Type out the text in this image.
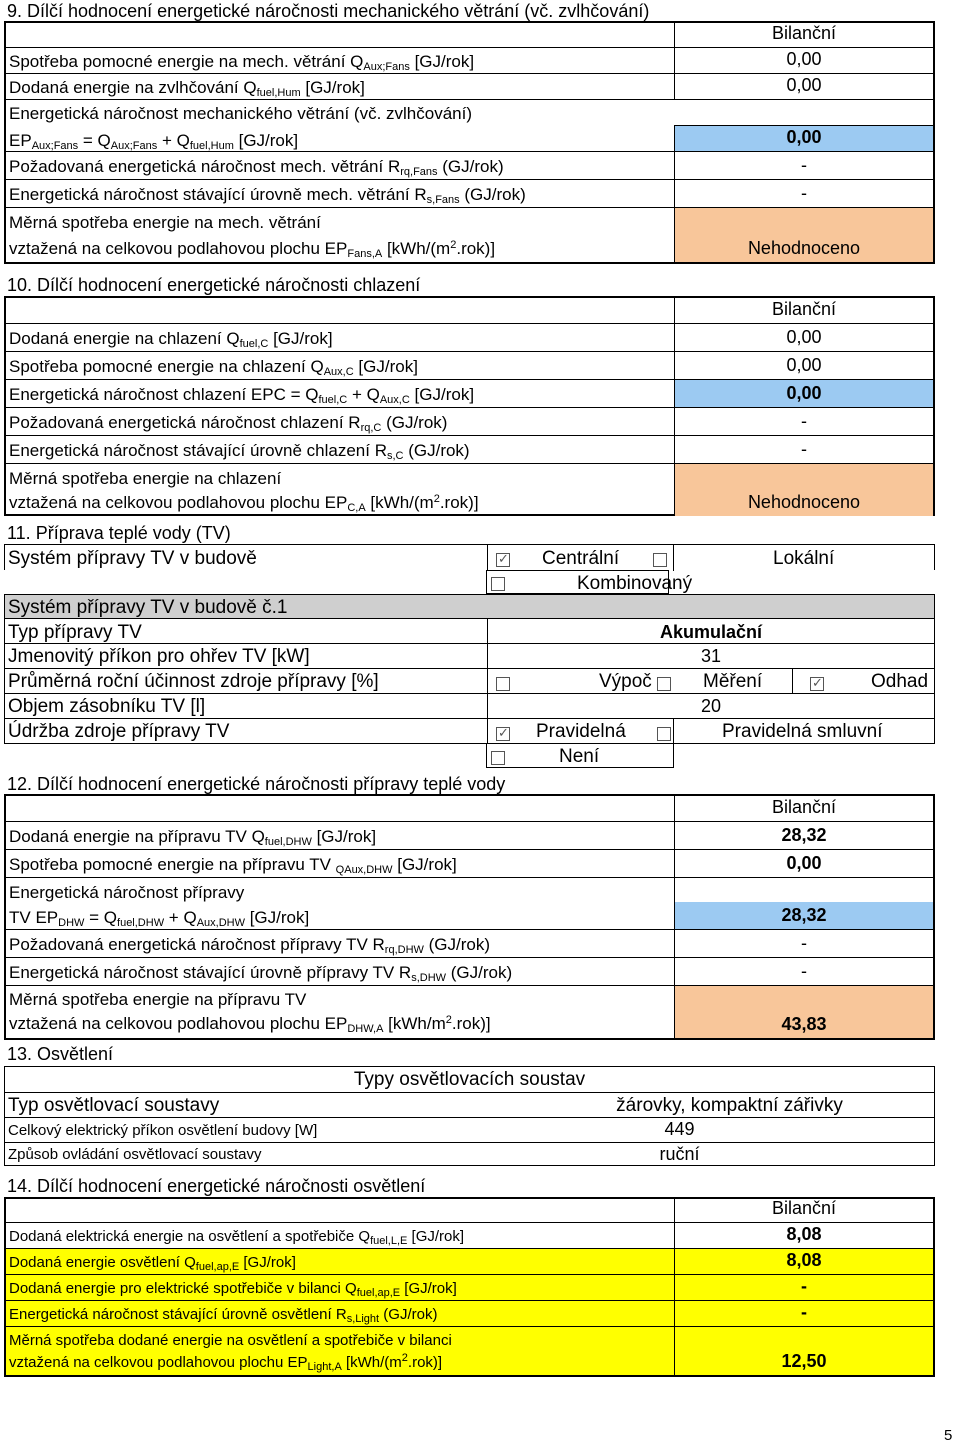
9. Dílčí hodnocení energetické náročnosti mechanického větrání (vč. zvlhčování)
Bilanční
Spotřeba pomocné energie na mech. větrání $Q_{Aux;Fans}$ [GJ/rok]	0,00
Dodaná energie na zvlhčování $Q_{fuel,Hum}$ [GJ/rok]	0,00
Energetická náročnost mechanického větrání (vč. zvlhčování)
$EP_{Aux;Fans} = Q_{Aux;Fans} + Q_{fuel,Hum}$ [GJ/rok]	0,00
Požadovaná energetická náročnost mech. větrání $R_{rq,Fans}$ (GJ/rok)	-
Energetická náročnost stávající úrovně mech. větrání $R_{s,Fans}$ (GJ/rok)	-
Měrná spotřeba energie na mech. větrání
vztažená na celkovou podlahovou plochu $EP_{Fans,A}$ $[kWh/(m^2.rok)]$	Nehodnoceno
10. Dílčí hodnocení energetické náročnosti chlazení
Bilanční
Dodaná energie na chlazení $Q_{fuel,C}$ [GJ/rok]	0,00
Spotřeba pomocné energie na chlazení $Q_{Aux,C}$ [GJ/rok]	0,00
Energetická náročnost chlazení EPC = $Q_{fuel,C} + Q_{Aux,C}$ [GJ/rok]	0,00
Požadovaná energetická náročnost chlazení $R_{rq,C}$ (GJ/rok)	-
Energetická náročnost stávající úrovně chlazení $R_{s,C}$ (GJ/rok)	-
Měrná spotřeba energie na chlazení
vztažená na celkovou podlahovou plochu $EP_{C,A}$ $[kWh/(m^2.rok)]$	Nehodnoceno
11. Příprava teplé vody (TV)
Systém přípravy TV v budově ✓	Centrální	Lokální
Kombinovaný
Systém přípravy TV v budově č.1
Typ přípravy TV	Akumulační
Jmenovitý příkon pro ohřev TV [kW]	31
Průměrná roční účinnost zdroje přípravy [%]	Výpoč	Měření ✓	Odhad
Objem zásobníku TV [l]	20
Údržba zdroje přípravy TV ✓	Pravidelná	Pravidelná smluvní
Není
12. Dílčí hodnocení energetické náročnosti přípravy teplé vody
Bilanční
Dodaná energie na přípravu TV $Q_{fuel,DHW}$ [GJ/rok]	28,32
Spotřeba pomocné energie na přípravu TV $_{QAux,DHW}$ [GJ/rok]	0,00
Energetická náročnost přípravy
TV $EP_{DHW} = Q_{fuel,DHW} + Q_{Aux,DHW}$ [GJ/rok]	28,32
Požadovaná energetická náročnost přípravy TV $R_{rq,DHW}$ (GJ/rok)	-
Energetická náročnost stávající úrovně přípravy TV $R_{s,DHW}$ (GJ/rok)	-
Měrná spotřeba energie na přípravu TV
vztažená na celkovou podlahovou plochu $EP_{DHW,A}$ $[kWh/m^2.rok)$]	43,83
13. Osvětlení
Typy osvětlovacích soustav
Typ osvětlovací soustavy	žárovky, kompaktní zářivky
Celkový elektrický příkon osvětlení budovy [W]	449
Způsob ovládání osvětlovací soustavy	ruční
14. Dílčí hodnocení energetické náročnosti osvětlení
Bilanční
Dodaná elektrická energie na osvětlení a spotřebiče $Q_{fuel,L,E}$ [GJ/rok]	8,08
Dodaná energie osvětlení $Q_{fuel,ap,E}$ [GJ/rok]	8,08
Dodaná energie pro elektrické spotřebiče v bilanci $Q_{fuel,ap,E}$ [GJ/rok]	-
Energetická náročnost stávající úrovně osvětlení $R_{s,Light}$ (GJ/rok)	-
Měrná spotřeba dodané energie na osvětlení a spotřebiče v bilanci
vztažená na celkovou podlahovou plochu $EP_{Light,A}$ $[kWh/(m^2.rok)]$	12,50
5
